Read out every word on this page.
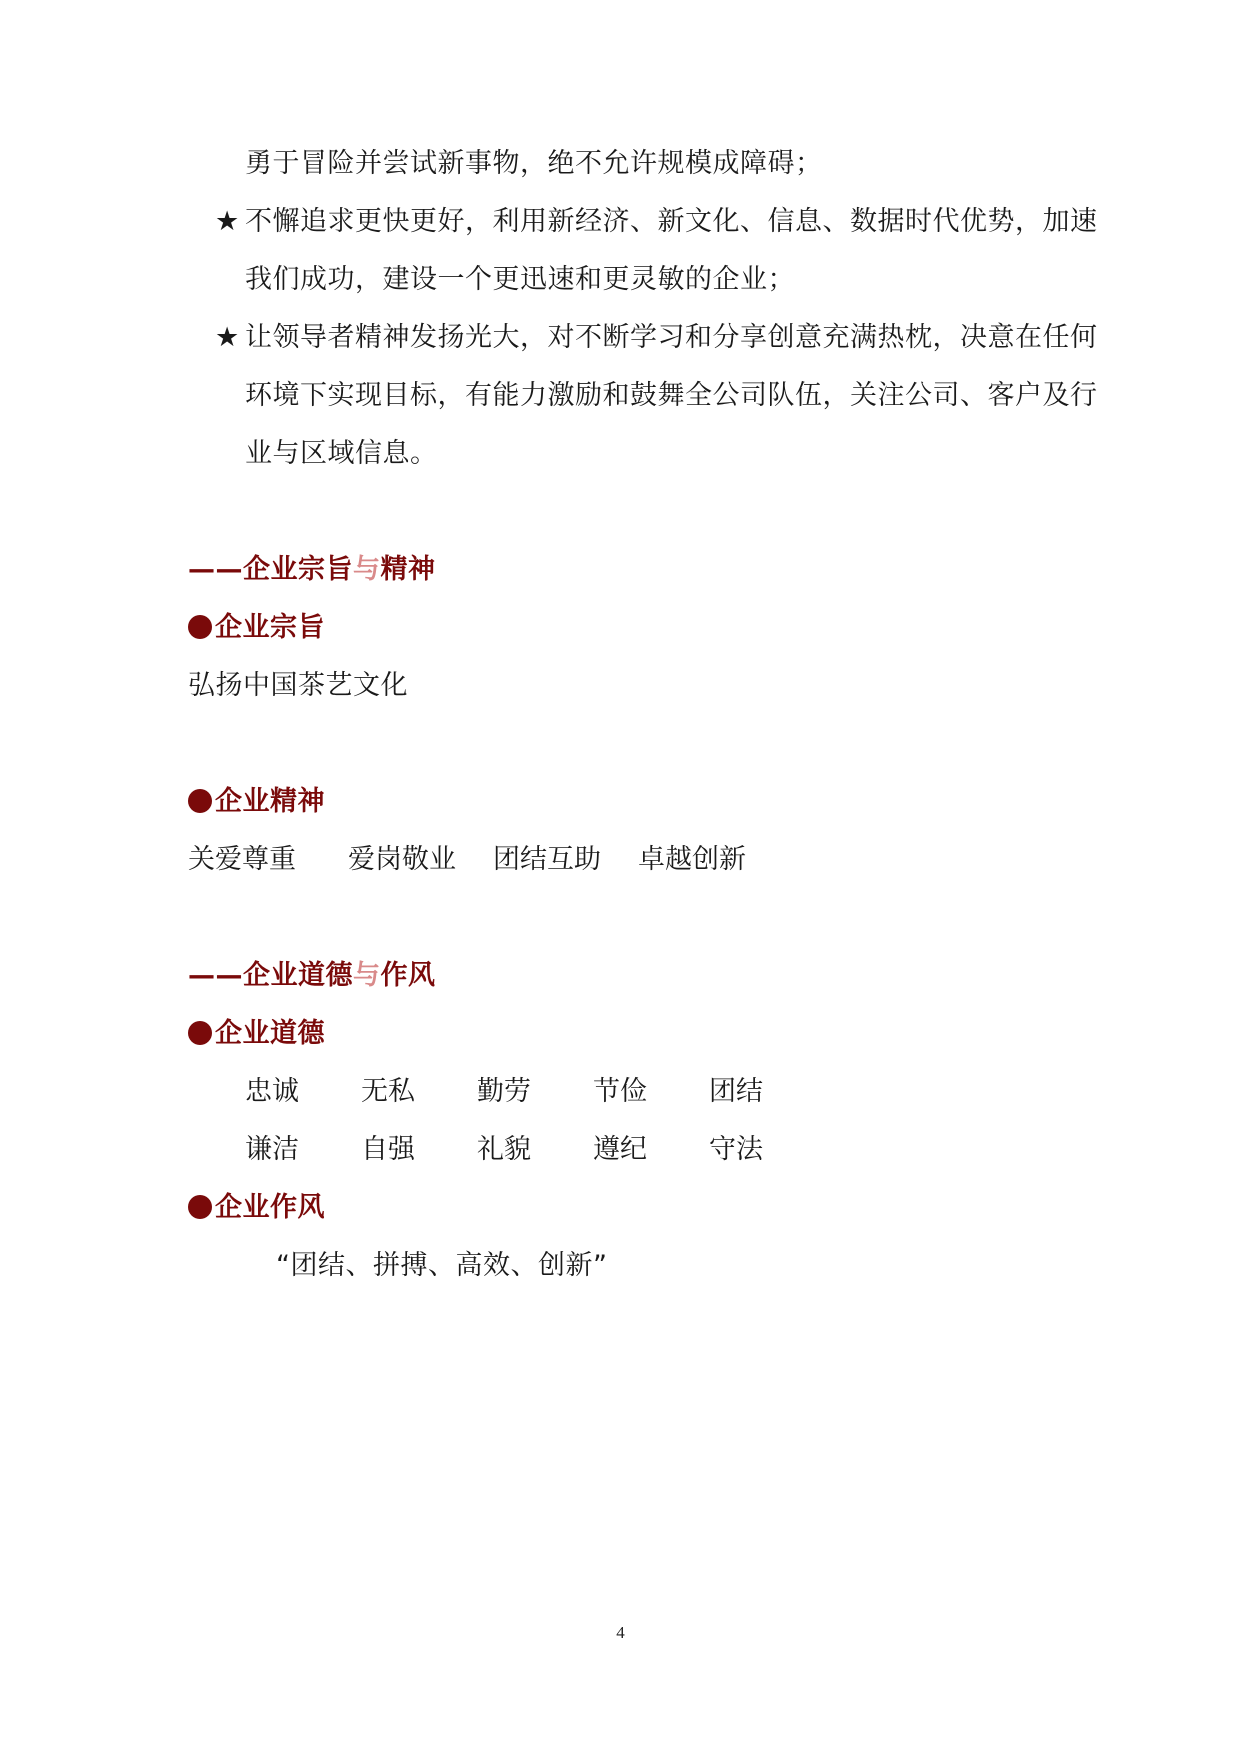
勇于冒险并尝试新事物，绝不允许规模成障碍；
★ 不懈追求更快更好，利用新经济、新文化、信息、数据时代优势，加速
我们成功，建设一个更迅速和更灵敏的企业；
★ 让领导者精神发扬光大，对不断学习和分享创意充满热枕，决意在任何
环境下实现目标，有能力激励和鼓舞全公司队伍，关注公司、客户及行
业与区域信息。
——企业宗旨与精神
企业宗旨
弘扬中国茶艺文化
企业精神
关爱尊重 爱岗敬业 团结互助 卓越创新
——企业道德与作风
企业道德
忠诚 无私 勤劳 节俭 团结
谦洁 自强 礼貌 遵纪 守法
企业作风
“团结、拼搏、高效、创新”
4
